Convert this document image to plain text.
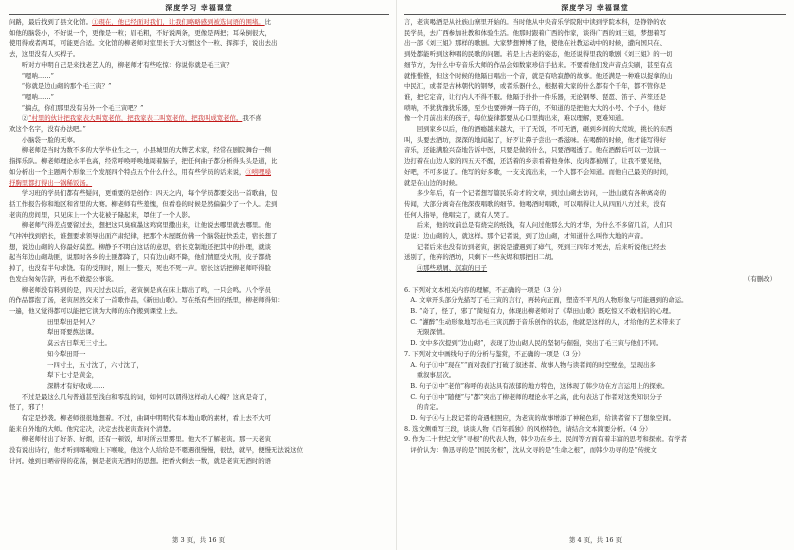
深度学习 幸福课堂

问路，最后找到了县文化馆。①現在，他已经面对我们，让我们略略感到被选词语的围堵。比

如他的脑袋小，不好说一个，更像是一粒；眉毛粗，不好说两条，更像是两把；耳朵倒很大，

使用得或者两耳，可能更合适。文化馆的柳老师对室里长于大习惯这个一粒、挥挥手，说出去出

去，这里没有人买桿子。

　　听对方申明自己是来找老艺人的，柳老师才有些吃惊：你说你就是毛三寅？

　　“嗯呐……”

　　“你就是边山砌的那个毛三寅？”

　　“嗯呐……”

　　“搞点，你们那里没有另外一个毛三寅吧？”

　　②“村里的伙计把我家表大叫宽老倌，把我家表二叫宽老倌，把我叫成宽老倌。我不喜

欢这个名字，没有办法吧。”

　　小脑袋一脸的无辜。

　　柳老师是当时为数不多的大学毕业生之一，小县城里的大牌艺术家，经常在剧院舞台一侧

指挥乐队。柳老师理论水平也高，经常呼唤呼唤地周着脑子，把任何曲子都分析得头头是道，比

如分析出一个主题两个形象三个发展四个特点五个什么什么，用有些学员的话来说，③嘻哩嗓

抒胸里都打得出一锅稀饭汤。

　　学习班的学员们都有些疑问，更重要的是创作：四天之内，每个学员都要交出一首歌曲，包

括工作报告你和地区和省里的大赛。柳老师有些羞愧，但看卷的时候是然偏偏少了一个人。走到

老寅的房间里，只见床上一个大花被子隆起来，罩住了一个人影。

　　柳老师气得差点要留过去，想把这只臭疯墨这鸡窝里撒出来，让他说去哪里就去哪里。他

气冲冲找到宿长，谁想要求领导出面产肃纪律，把那个木屋既仿佛一个脑袋赶快丢走，宿长想了

想，说边山砌的人你最好莫惹。柳静予不明白这话的意思，宿长克制地还把其中的扑理，就谈

起当年边山砌劫匪，说那时各乡的土匪都降了，只有边山砌不降，他们情愿受火刑，皮子都烧

掉了，也没有半句求饶。有的受刑时，刚上一整天，死也不死一声。宿长这话把柳老师吓得脸

色发白匆匆告辞，再也不敢提公事谈。

　　柳老师没有料到的是，四天过去以后，老寅倒是真在床上瞎出了鸣，一只会鸣。八个学员

的作品都泡了汤，老寅居然交来了一首歌作品，《新田山歌》。写在纸有些旧的纸里，柳老师得知：

一遍，他又觉得都可以能把它读为大师的东作搬到课堂上去。

田里犁田是何人？

犁田哥要熬法课。

莫云古日犁无三寸土。

知今犁田哥一

一四寸土，五寸沈了，六寸沈了，

犁下七寸是黄金，

深耕才有好收成……

　　不过是最这么几句普通甚至浅白和零乱的词，如何可以谓得这样动人心魄？这真是奇了，

怪了，邪了！

　　有定是抄袭。柳老师很很地想着。不过，曲调中明明代有本地山歌的素材，看上去不大可

能来自外地的大师。他究定决，决定去找老寅查问个清楚。

　　柳老师付出了好茶、好烟，还有一顿饭，却对所云里雾里。他大不了解老寅。那一天老寅

没有说出诗行，他才听到喀啦啦上下喉咙，他这个人给给是不嗯遇很慢慢，很怯，就早，便慢无法说这位

计河。她到日晒帝得的花荡，倒是老寅无酒时的思想。把香火剩去一数，就是老寅无酒时的语

第 3 页，共 16 页
深度学习 幸福课堂

言，老寅喝酒是从社族山寨里开始的。当时他从中央音乐学院附中读到学院本科，是铮铮的农

民学员，去广西参加社教和体验生活。他那时跟着广西的作家，谈得广西的刘三姐，梦想着写

出一部《刘三姐》那样的歌剧。大家梦想博博了他，使他在社教运动中的时候，遭向国只在、

到处都能听到这种唱的民歌的问题。若是上古老的姿态，他还说得里我的歌剧《刘三姐》的一切

细节方，为什么中专音乐大师的作品会如数家珍信手拈来。不要看他们发声音点尖刷，甚至有点

就惟惟惟，但这个时候的他隔日唱出一个音，就是有啥寂静的故事。他还满是一种难以捉拿的山

中民汇，或者是古林朝代的钢琴，或者乐器什么，根据着大家的什么都有个千年，都不管你是

谁，把它定音，让行内人不得不服。他隔于扑扑一件乐器，无论钢琴、琵琶、笛子、芦笙还是

唢呐，不犹犹豫犹乐器，至少也要弹弹一阵子的，不知道的是把他大大的小号、个子小，他好

像一个月前出来的孩子，每位旋律都要从心口里掏出来，难以理解，更难知道。

　　回到家乡以后，他的酒瘾越来越大，干了无饭，不可无酒，砸到乡间的大荒坡，挑长的东西

叫，头要去酒坊，深深的地闻起了，好歹让鼻子尝出一番滋味。在喝醉的时候，他才能写得好

音乐，还能满脸兴奋地告诉中医，只要是做的什么，只要酒喝透了。他在酒醉后可以一边演一

边打着在山边人家的四五天不醒，还活着的乡亲看着他身体、皮肉都被剐了，让我不要见他，

好吧，不可多说了。他写的好多歌，一支支流出来，一个人都不会知道。而他自己最美的时间，

就是在山边的时候。

　　多少年后，有一个记者想写篇民乐奇才的文章，到过山砌去访问，一进山就有各种离奇的

传闻，大部分离奇在他深夜唱歌的细节。他喝酒时唱歌，可以唱得让人从四面八方过来，没有

任何人指导，他唱完了，就有人哭了。

　　后来，他的坟前总是有烧完的纸钱，有人问过他那么大的才华，为什么不多留几首，人们只

是说：边山砌的人，就这样。那个记者说，到了边山砌，才知道什么叫作大地的声音。

　　记者后来也没有访到老寅，据说是遭遇到了瘴气，死到三四年才死去，后来听说他已经去

送别了，他弃的酒坊，只剩下一些灰烬和那把旧二胡。

　　④那些琐屑、沉寂的日子

（有删改）

6. 下列对文本相关内容的理解，不正确的一项是（3 分）

　A. 文章开头部分先描写了毛三寅的言行，再转向正面，塑造不平凡的人物形象与可能遇到的命运。

　B. “奇了，怪了，邪了”简短有力，体现出柳老师对了《犁田山歌》既吃惊又不敢相信的心理。

　C. “灌醉”生动形象地写出毛三寅沉醉于音乐创作的状态，他就是这样的人，才给他的艺术带来了

　　无限深情。

　D. 文中多次提到“边山砌”，表现了边山砌人民的坚韧与倔强，突出了毛三寅与他们不同。

7. 下列对文中画线句子的分析与鉴赏，不正确的一项是（3 分）

　A. 句子①中“现在”“面对我们”打破了叙述者、故事人物与读者间的时空壁垒，呈现出多

　　重叙事层次。

　B. 句子②中“老倌”称呼的表达具有浓郁的地方特色，这体现了韩少功在方言运用上的探索。

　C. 句子③中“随便”与“都”突出了柳老师的理论水平之高，此句表达了作者对这类知识分子

　　的肯定。

　D. 句子④与上段记者的奇遇相照应，为老寅的故事增添了神秘色彩，给读者留下了想象空间。

8. 选文侧重写三段，谈谈人物《百年孤独》的风格特色，请结合文本简要分析。（4 分）

9. 作为二十世纪文学“寻根”的代表人物，韩少功在乡土、民间等方面有着丰富的思考和探索。有学者

　评价认为：鲁迅寻的是“国民劣根”，沈从文寻的是“生命之根”，而韩少功寻的是“传统文

第 4 页，共 16 页
